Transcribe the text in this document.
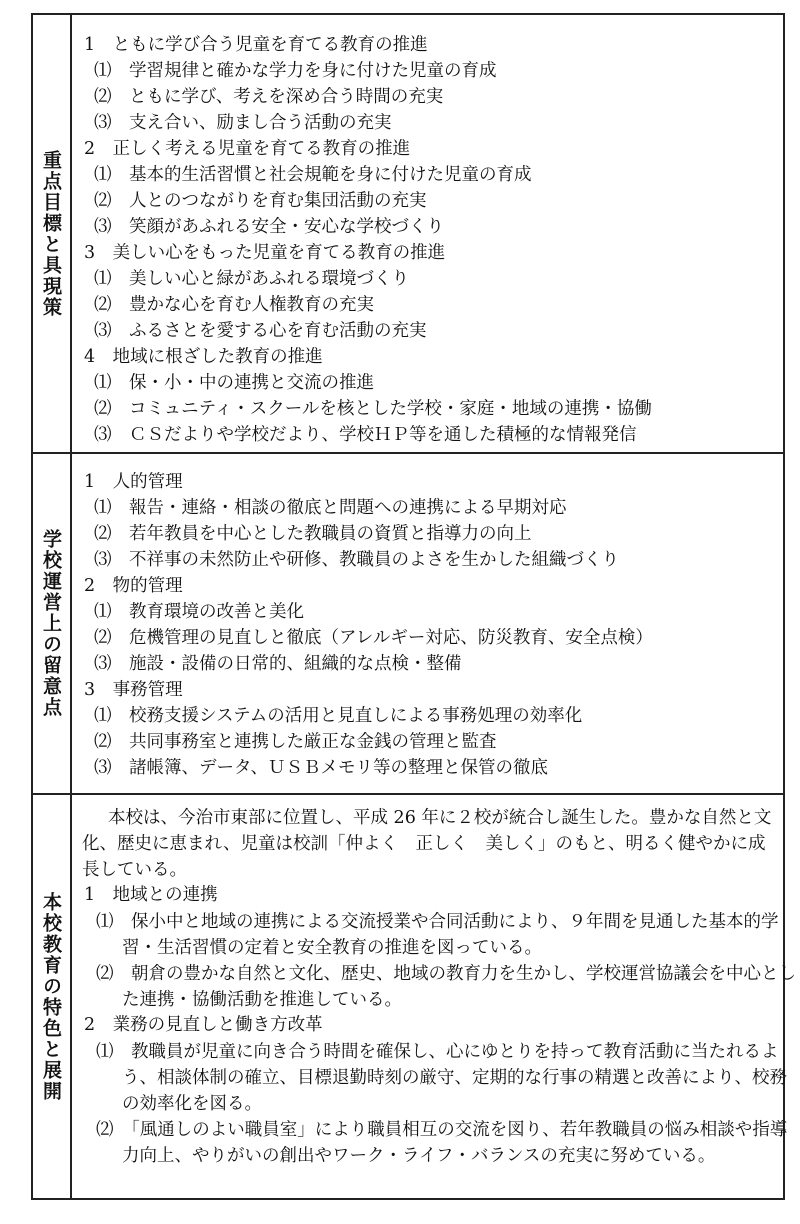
重点目標と具現策
学校運営上の留意点
本校教育の特色と展開
1　ともに学び合う児童を育てる教育の推進
⑴　学習規律と確かな学力を身に付けた児童の育成
⑵　ともに学び、考えを深め合う時間の充実
⑶　支え合い、励まし合う活動の充実
2　正しく考える児童を育てる教育の推進
⑴　基本的生活習慣と社会規範を身に付けた児童の育成
⑵　人とのつながりを育む集団活動の充実
⑶　笑顔があふれる安全・安心な学校づくり
3　美しい心をもった児童を育てる教育の推進
⑴　美しい心と緑があふれる環境づくり
⑵　豊かな心を育む人権教育の充実
⑶　ふるさとを愛する心を育む活動の充実
4　地域に根ざした教育の推進
⑴　保・小・中の連携と交流の推進
⑵　コミュニティ・スクールを核とした学校・家庭・地域の連携・協働
⑶　ＣＳだよりや学校だより、学校ＨＰ等を通した積極的な情報発信
1　人的管理
⑴　報告・連絡・相談の徹底と問題への連携による早期対応
⑵　若年教員を中心とした教職員の資質と指導力の向上
⑶　不祥事の未然防止や研修、教職員のよさを生かした組織づくり
2　物的管理
⑴　教育環境の改善と美化
⑵　危機管理の見直しと徹底（アレルギー対応、防災教育、安全点検）
⑶　施設・設備の日常的、組織的な点検・整備
3　事務管理
⑴　校務支援システムの活用と見直しによる事務処理の効率化
⑵　共同事務室と連携した厳正な金銭の管理と監査
⑶　諸帳簿、データ、ＵＳＢメモリ等の整理と保管の徹底
本校は、今治市東部に位置し、平成 26 年に２校が統合し誕生した。豊かな自然と文化、歴史に恵まれ、児童は校訓「仲よく　正しく　美しく」のもと、明るく健やかに成長している。
1　地域との連携
⑴　保小中と地域の連携による交流授業や合同活動により、９年間を見通した基本的学習・生活習慣の定着と安全教育の推進を図っている。
⑵　朝倉の豊かな自然と文化、歴史、地域の教育力を生かし、学校運営協議会を中心とした連携・協働活動を推進している。
2　業務の見直しと働き方改革
⑴　教職員が児童に向き合う時間を確保し、心にゆとりを持って教育活動に当たれるよう、相談体制の確立、目標退勤時刻の厳守、定期的な行事の精選と改善により、校務の効率化を図る。
⑵　「風通しのよい職員室」により職員相互の交流を図り、若年教職員の悩み相談や指導力向上、やりがいの創出やワーク・ライフ・バランスの充実に努めている。
